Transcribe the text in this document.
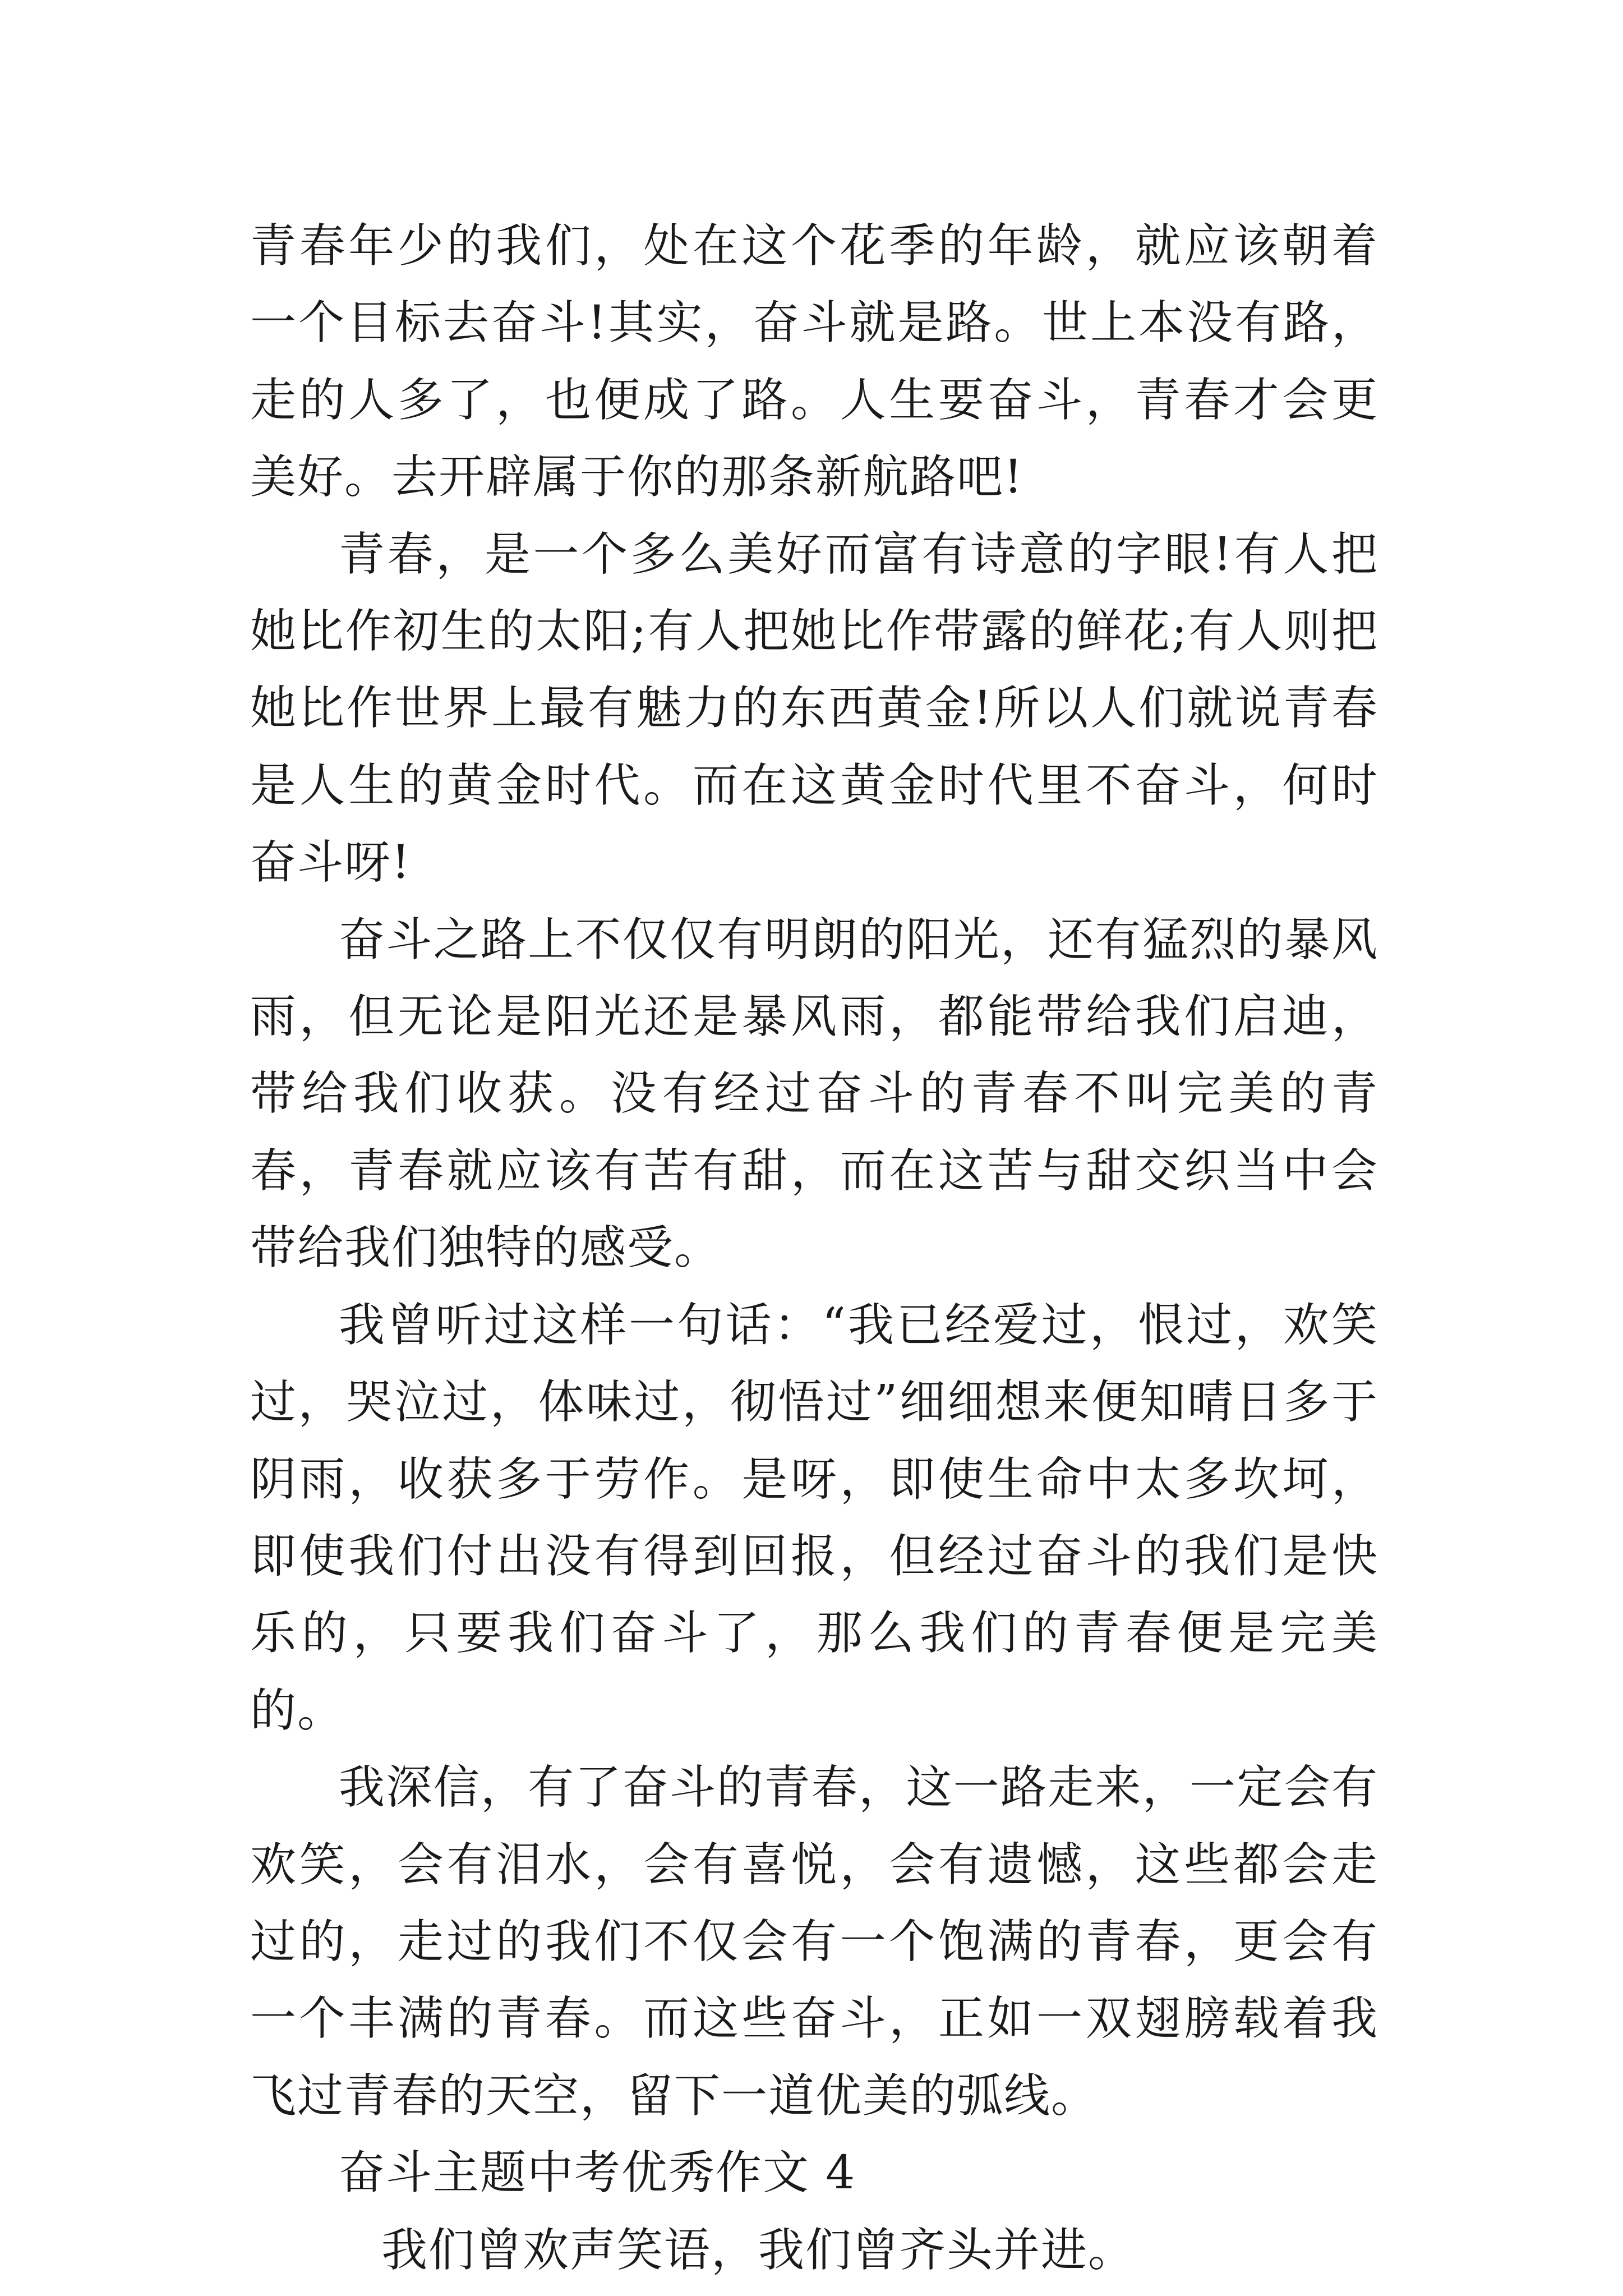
青春年少的我们，处在这个花季的年龄，就应该朝着一个目标去奋斗!其实，奋斗就是路。世上本没有路，走的人多了，也便成了路。人生要奋斗，青春才会更美好。去开辟属于你的那条新航路吧!

青春，是一个多么美好而富有诗意的字眼!有人把她比作初生的太阳;有人把她比作带露的鲜花;有人则把她比作世界上最有魅力的东西黄金!所以人们就说青春是人生的黄金时代。而在这黄金时代里不奋斗，何时奋斗呀!

奋斗之路上不仅仅有明朗的阳光，还有猛烈的暴风雨，但无论是阳光还是暴风雨，都能带给我们启迪，带给我们收获。没有经过奋斗的青春不叫完美的青春，青春就应该有苦有甜，而在这苦与甜交织当中会带给我们独特的感受。

我曾听过这样一句话：“我已经爱过，恨过，欢笑过，哭泣过，体味过，彻悟过”细细想来便知晴日多于阴雨，收获多于劳作。是呀，即使生命中太多坎坷，即使我们付出没有得到回报，但经过奋斗的我们是快乐的，只要我们奋斗了，那么我们的青春便是完美的。

我深信，有了奋斗的青春，这一路走来，一定会有欢笑，会有泪水，会有喜悦，会有遗憾，这些都会走过的，走过的我们不仅会有一个饱满的青春，更会有一个丰满的青春。而这些奋斗，正如一双翅膀载着我飞过青春的天空，留下一道优美的弧线。

奋斗主题中考优秀作文 4

我们曾欢声笑语，我们曾齐头并进。
